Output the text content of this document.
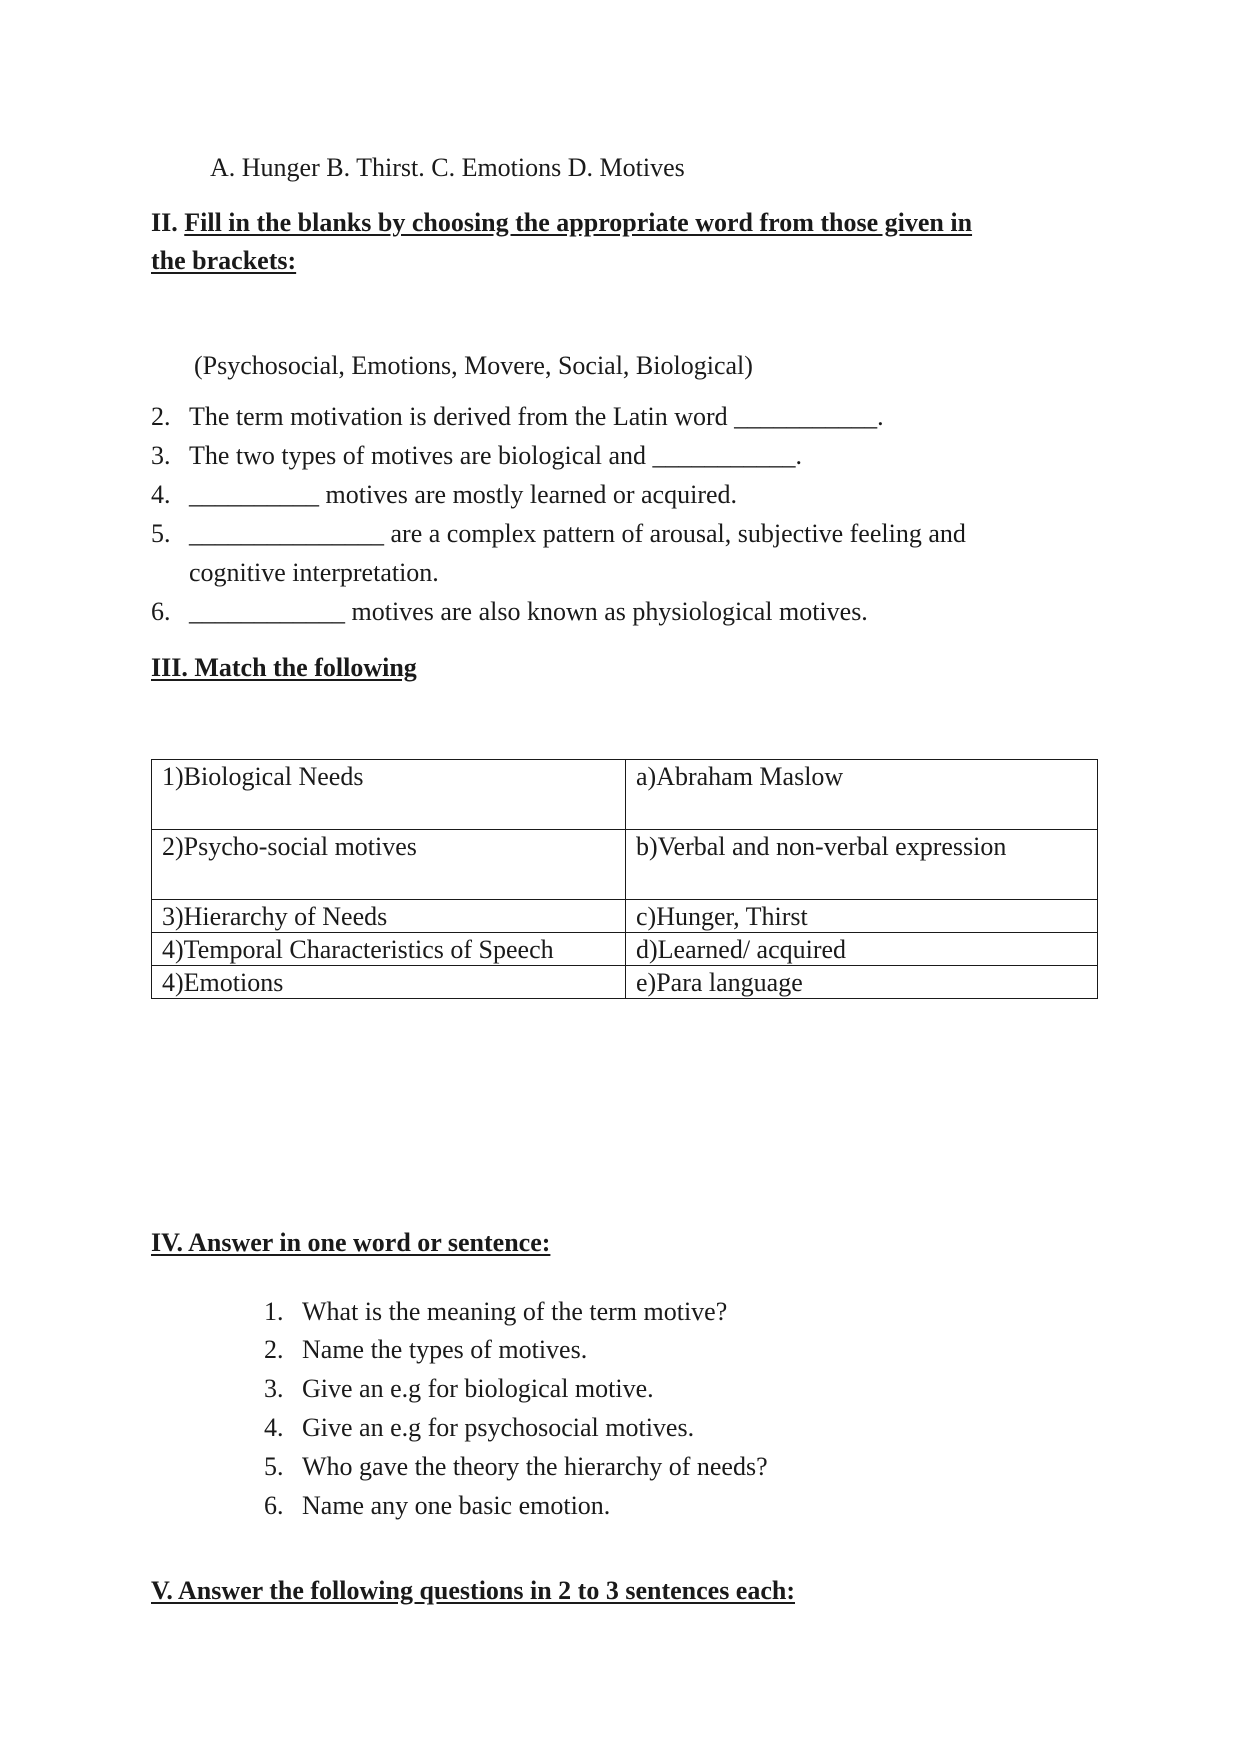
A. Hunger B. Thirst. C. Emotions D. Motives
II. Fill in the blanks by choosing the appropriate word from those given in
the brackets:
(Psychosocial, Emotions, Movere, Social, Biological)
2. The term motivation is derived from the Latin word ___________.
3. The two types of motives are biological and ___________.
4. __________ motives are mostly learned or acquired.
5. _______________ are a complex pattern of arousal, subjective feeling and
cognitive interpretation.
6. ____________ motives are also known as physiological motives.
III. Match the following
1)Biological Needs	a)Abraham Maslow
2)Psycho-social motives	b)Verbal and non-verbal expression
3)Hierarchy of Needs	c)Hunger, Thirst
4)Temporal Characteristics of Speech	d)Learned/ acquired
4)Emotions	e)Para language
IV. Answer in one word or sentence:
1. What is the meaning of the term motive?
2. Name the types of motives.
3. Give an e.g for biological motive.
4. Give an e.g for psychosocial motives.
5. Who gave the theory the hierarchy of needs?
6. Name any one basic emotion.
V. Answer the following questions in 2 to 3 sentences each:
